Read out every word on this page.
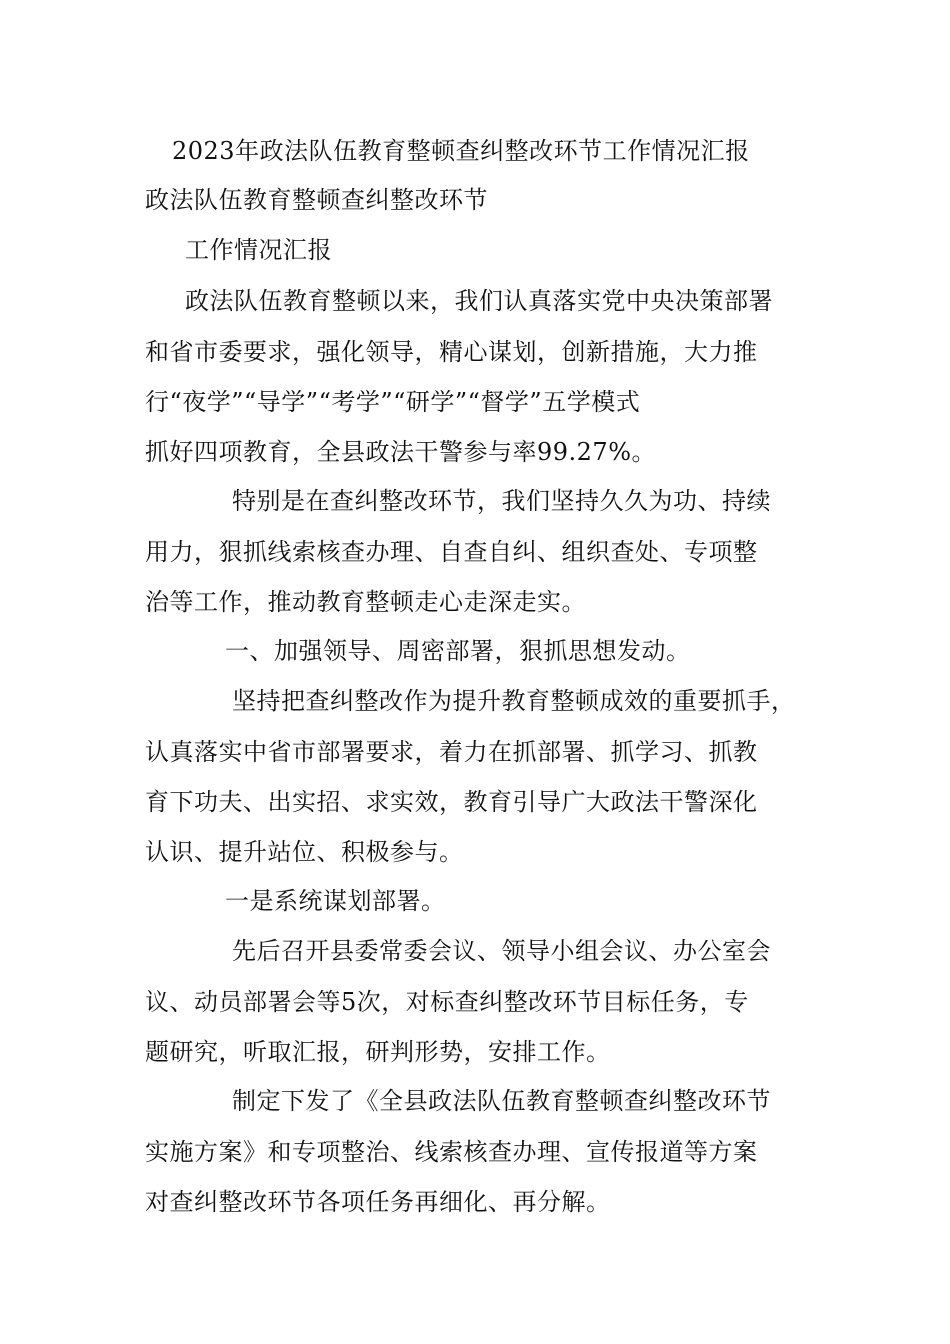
2023年政法队伍教育整顿查纠整改环节工作情况汇报

政法队伍教育整顿查纠整改环节

工作情况汇报

政法队伍教育整顿以来，我们认真落实党中央决策部署

和省市委要求，强化领导，精心谋划，创新措施，大力推

行“夜学”“导学”“考学”“研学”“督学”五学模式

抓好四项教育，全县政法干警参与率99.27%。

特别是在查纠整改环节，我们坚持久久为功、持续

用力，狠抓线索核查办理、自查自纠、组织查处、专项整

治等工作，推动教育整顿走心走深走实。

一、加强领导、周密部署，狠抓思想发动。

坚持把查纠整改作为提升教育整顿成效的重要抓手，

认真落实中省市部署要求，着力在抓部署、抓学习、抓教

育下功夫、出实招、求实效，教育引导广大政法干警深化

认识、提升站位、积极参与。

一是系统谋划部署。

先后召开县委常委会议、领导小组会议、办公室会

议、动员部署会等5次，对标查纠整改环节目标任务，专

题研究，听取汇报，研判形势，安排工作。

制定下发了《全县政法队伍教育整顿查纠整改环节

实施方案》和专项整治、线索核查办理、宣传报道等方案

对查纠整改环节各项任务再细化、再分解。
